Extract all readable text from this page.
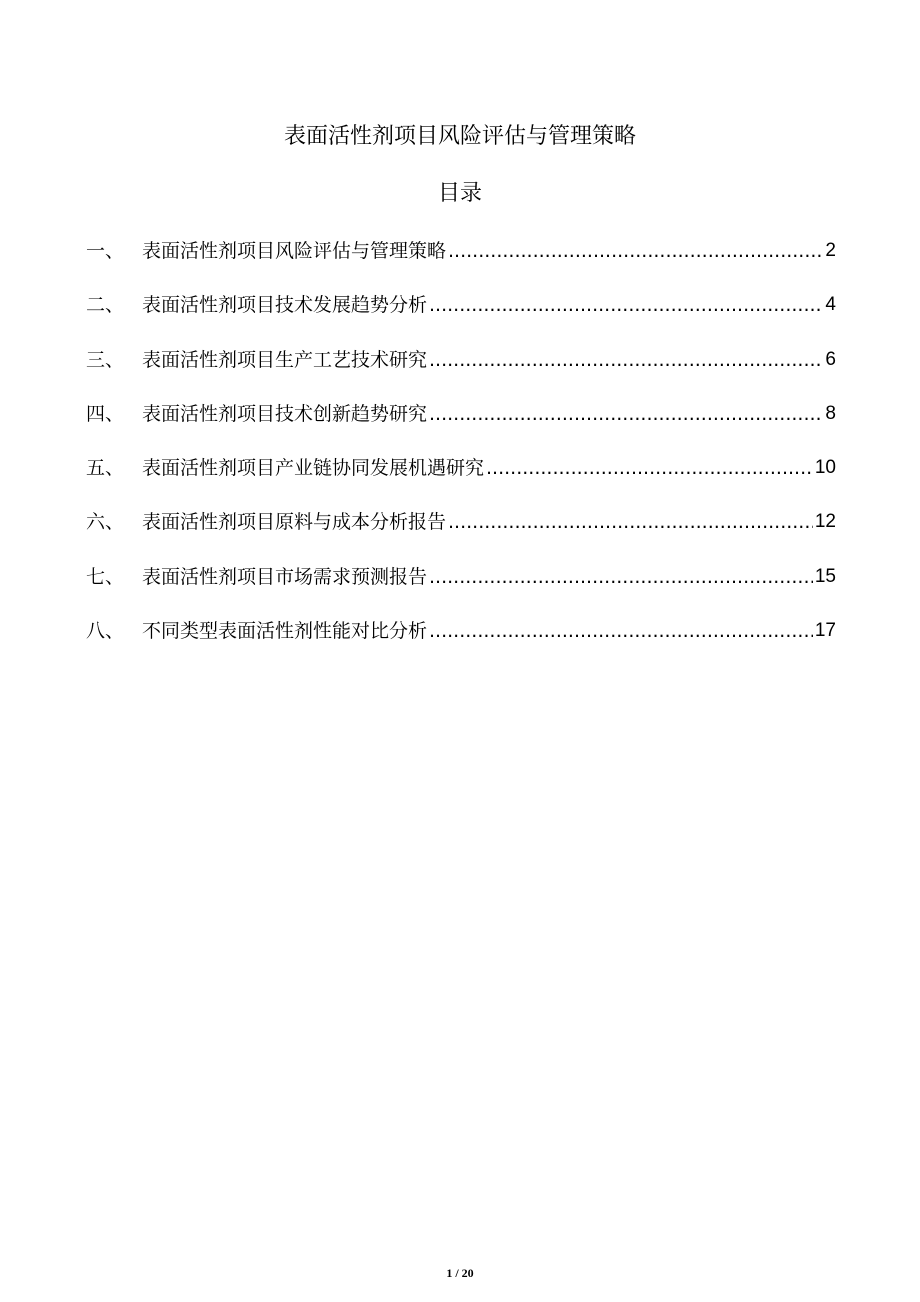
表面活性剂项目风险评估与管理策略
目录
一、 表面活性剂项目风险评估与管理策略 .....	2
二、 表面活性剂项目技术发展趋势分析 .....	4
三、 表面活性剂项目生产工艺技术研究 .....	6
四、 表面活性剂项目技术创新趋势研究 .....	8
五、 表面活性剂项目产业链协同发展机遇研究 .....	10
六、 表面活性剂项目原料与成本分析报告 .....	12
七、 表面活性剂项目市场需求预测报告 .....	15
八、 不同类型表面活性剂性能对比分析 .....	17
1 / 20
